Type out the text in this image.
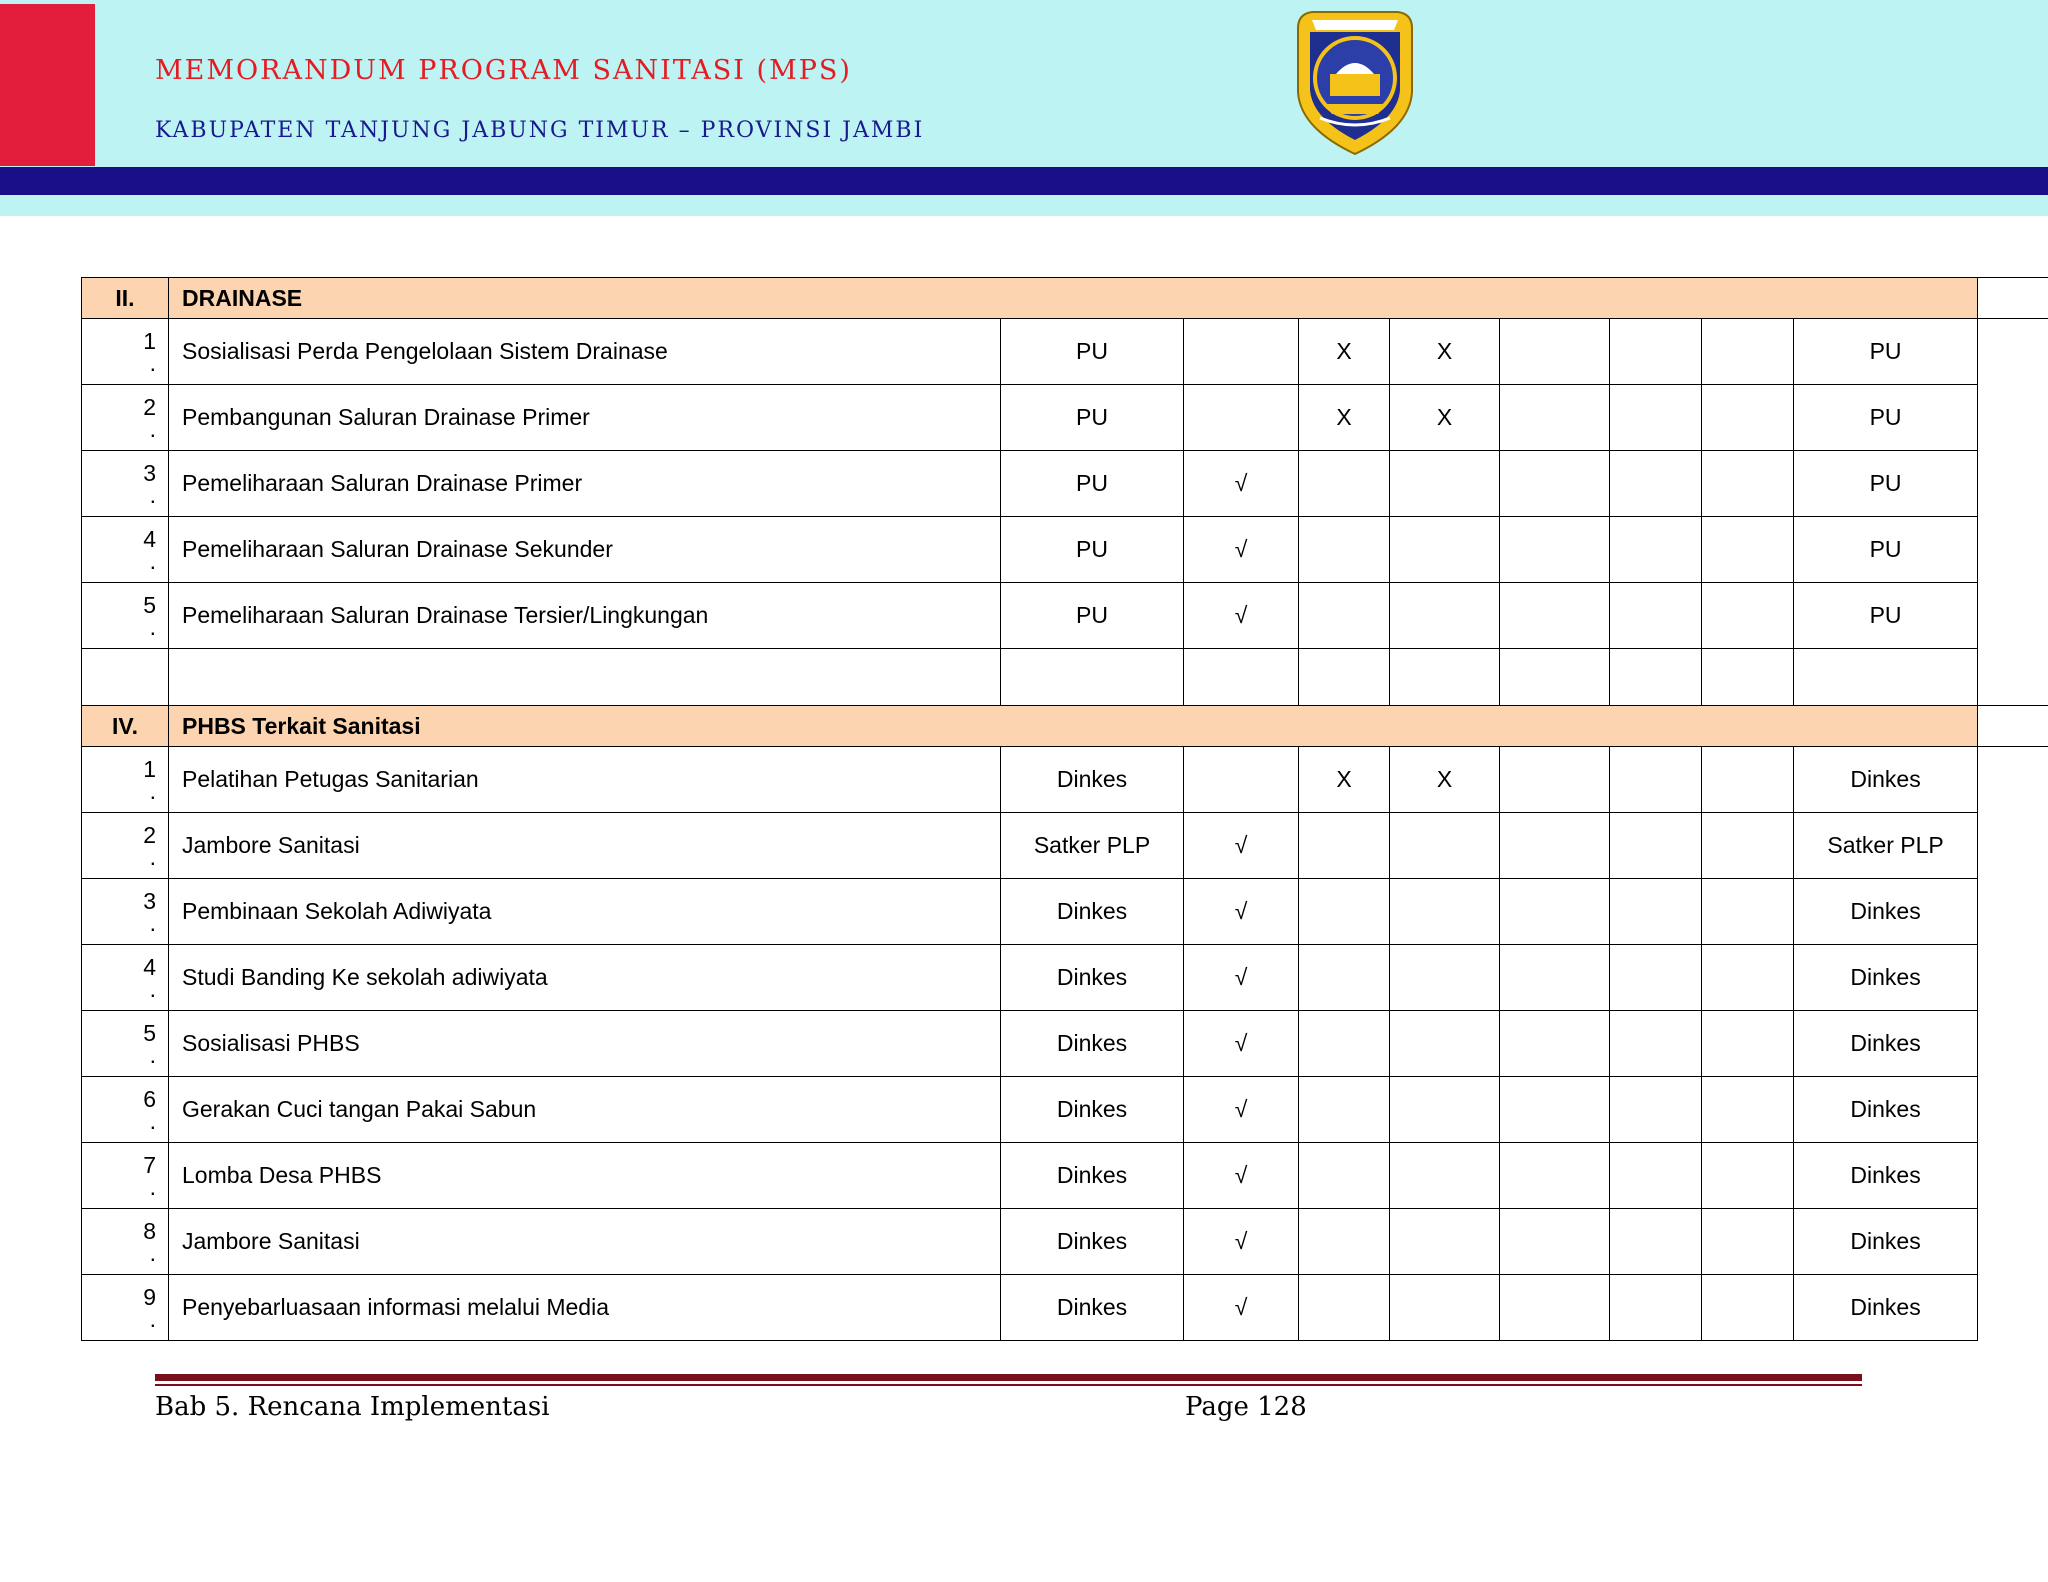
MEMORANDUM PROGRAM SANITASI (MPS)
KABUPATEN TANJUNG JABUNG TIMUR – PROVINSI JAMBI
II.	DRAINASE									

1
.	Sosialisasi Perda Pengelolaan Sistem Drainase	PU		X	X				PU	

2
.	Pembangunan Saluran Drainase Primer	PU		X	X				PU	

3
.	Pemeliharaan Saluran Drainase Primer	PU	√						PU	

4
.	Pemeliharaan Saluran Drainase Sekunder	PU	√						PU	

5
.	Pemeliharaan Saluran Drainase Tersier/Lingkungan	PU	√						PU	

IV.	PHBS Terkait Sanitasi									

1
.	Pelatihan Petugas Sanitarian	Dinkes		X	X				Dinkes	

2
.	Jambore Sanitasi	Satker PLP	√						Satker PLP	

3
.	Pembinaan Sekolah Adiwiyata	Dinkes	√						Dinkes	

4
.	Studi Banding Ke sekolah adiwiyata	Dinkes	√						Dinkes	

5
.	Sosialisasi PHBS	Dinkes	√						Dinkes	

6
.	Gerakan Cuci tangan Pakai Sabun	Dinkes	√						Dinkes	

7
.	Lomba Desa PHBS	Dinkes	√						Dinkes	

8
.	Jambore Sanitasi	Dinkes	√						Dinkes	

9
.	Penyebarluasaan informasi melalui Media	Dinkes	√						Dinkes	
Bab 5. Rencana Implementasi	Page 128
